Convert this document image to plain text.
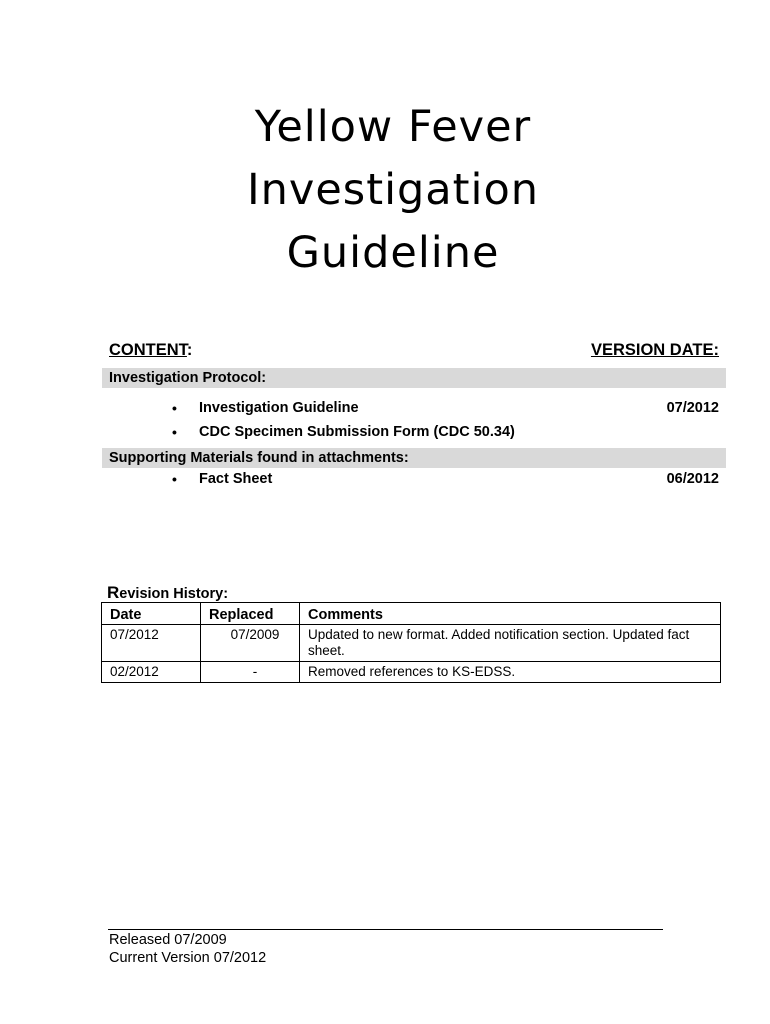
Yellow Fever
Investigation
Guideline
CONTENT:	VERSION DATE:
Investigation Protocol:
• Investigation Guideline	07/2012
• CDC Specimen Submission Form (CDC 50.34)
Supporting Materials found in attachments:
• Fact Sheet	06/2012
Revision History:
Date	Replaced	Comments
07/2012	07/2009	Updated to new format. Added notification section. Updated fact sheet.
02/2012	-	Removed references to KS-EDSS.
Released 07/2009
Current Version 07/2012
